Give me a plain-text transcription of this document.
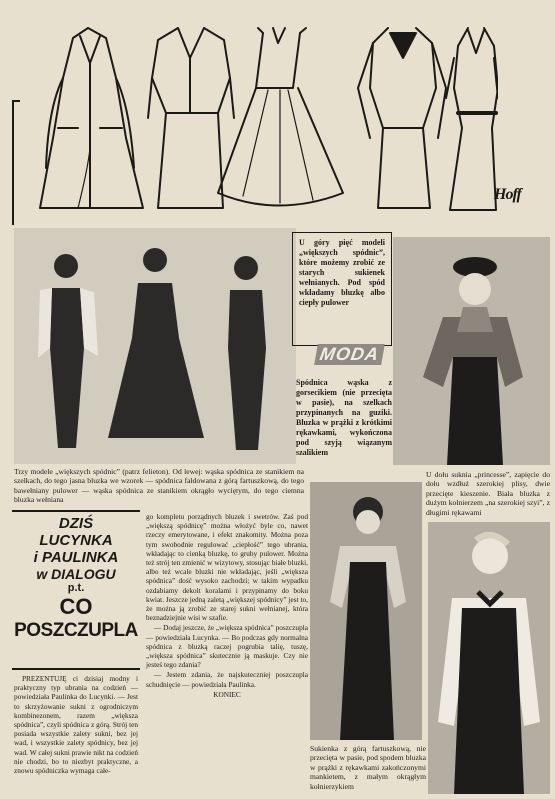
Hoff
Trzy modele „większych spódnic” (patrz felieton). Od lewej: wąska spódnica ze stanikiem na szelkach, do tego jasna bluzka we wzorek — spódnica fałdowana z górą fartuszkową, do tego bawełniany pulower — wąska spódnica ze stanikiem okrągło wyciętym, do tego ciemna bluzka wełniana

U góry pięć modeli „większych spódnic”, które możemy zrobić ze starych sukienek wełnianych. Pod spód wkładamy bluzkę albo ciepły pulower

MODA

Spódnica wąska z gorsecikiem (nie przecięta w pasie), na szelkach przypinanych na guziki. Bluzka w prążki z krótkimi rękawkami, wykończona pod szyją wiązanym szalikiem

U dołu suknia „princesse”, zapięcie do dołu wzdłuż szerokiej plisy, dwie przecięte kieszenie. Biała bluzka z dużym kołnierzem „na szerokiej szyi”, z długimi rękawami
DZIŚ
LUCYNKA
i PAULINKA
w DIALOGU
p.t.
CO
POSZCZUPLA

PREZENTUJĘ ci dzisiaj modny i praktyczny typ ubrania na codzień — powiedziała Paulinka do Lucynki. — Jest to skrzyżowanie sukni z ogrodniczym kombinezonem, razem „większa spódnica”, czyli spódnica z górą. Strój ten posiada wszystkie zalety sukni, bez jej wad, i wszystkie zalety spódnicy, bez jej wad. W całej sukni prawie nikt na codzień nie chodzi, bo to niezbyt praktyczne, a znowu spódniczka wymaga całe-

go kompletu porządnych bluzek i swetrów. Zaś pod „większą spódnicę” można włożyć byle co, nawet rzeczy emerytowane, i efekt znakomity. Można poza tym swobodnie regulować „ciepłość” tego ubrania, wkładając to cienką bluzkę, to gruby pulower. Można też strój ten zmienić w wizytowy, stosując białe bluzki, albo też wcale bluzki nie wkładając, jeśli „większa spódnica” dość wysoko zachodzi; w takim wypadku ozdabiamy dekolt koralami i przypinamy do boku kwiat. Jeszcze jedną zaletą „większej spódnicy” jest to, że można ją zrobić ze starej sukni wełnianej, która beznadziejnie wisi w szafie.

— Dodaj jeszcze, że „większa spódnica” poszczupla — powiedziała Lucynka. — Bo podczas gdy normalna spódnica z bluzką raczej pogrubia talię, tuszę, „większa spódnica” skutecznie ją maskuje. Czy nie jesteś tego zdania?

— Jestem zdania, że najskuteczniej poszczupla schudnięcie — powiedziała Paulinka.

KONIEC

Sukienka z górą fartuszkową, nie przecięta w pasie, pod spodem bluzka w prążki z rękawkami zakończonymi mankietem, z małym okrągłym kołnierzykiem
